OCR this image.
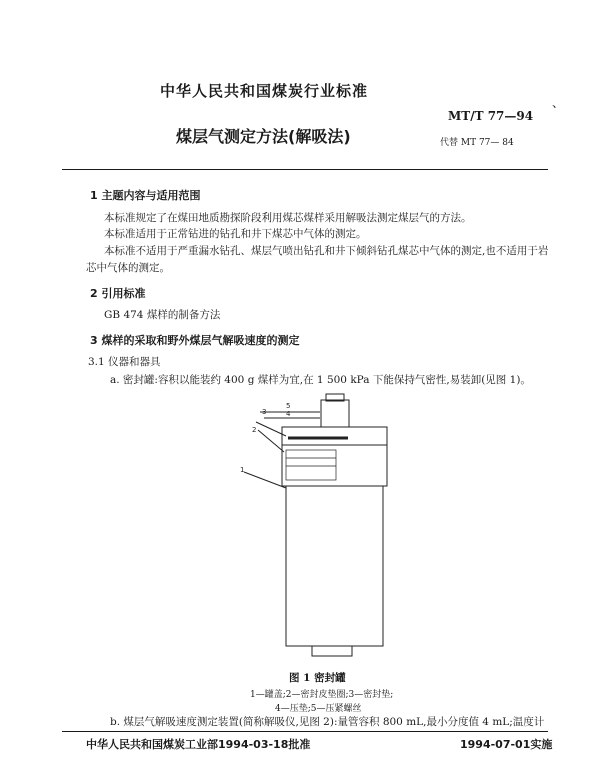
中华人民共和国煤炭行业标准
、
MT/T 77—94
煤层气测定方法(解吸法)	代替 MT 77— 84
1 主题内容与适用范围
本标准规定了在煤田地质勘探阶段利用煤芯煤样采用解吸法测定煤层气的方法。
本标准适用于正常钻进的钻孔和井下煤芯中气体的测定。
本标准不适用于严重漏水钻孔、煤层气喷出钻孔和井下倾斜钻孔煤芯中气体的测定,也不适用于岩
芯中气体的测定。
2 引用标准
GB 474 煤样的制备方法
3 煤样的采取和野外煤层气解吸速度的测定
3.1 仪器和器具
a. 密封罐:容积以能装约 400 g 煤样为宜,在 1 500 kPa 下能保持气密性,易装卸(见图 1)。
5
4
3
2
1
图 1 密封罐
1—罐盖;2—密封皮垫圈;3—密封垫;
4—压垫;5—压紧螺丝
b. 煤层气解吸速度测定装置(简称解吸仪,见图 2):量管容积 800 mL,最小分度值 4 mL;温度计
中华人民共和国煤炭工业部1994-03-18批准	1994-07-01实施
